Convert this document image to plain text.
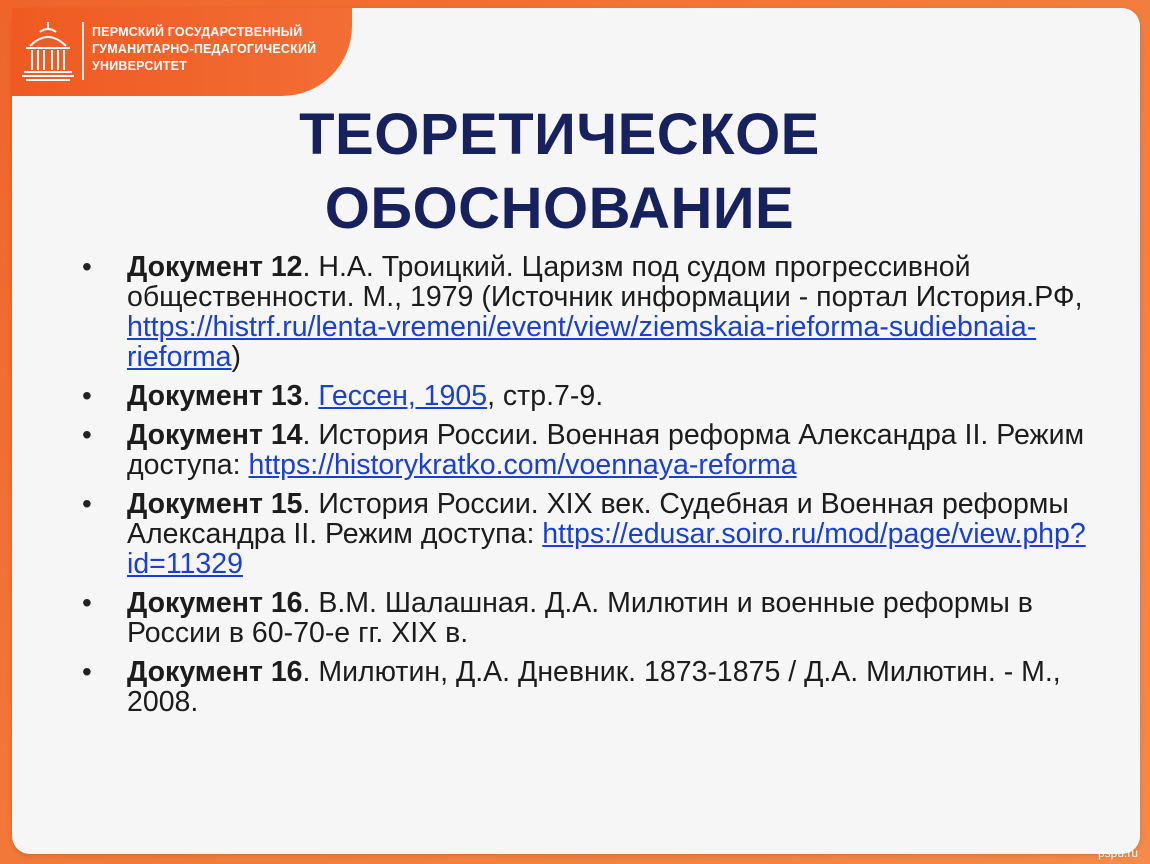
ПЕРМСКИЙ ГОСУДАРСТВЕННЫЙ
ГУМАНИТАРНО-ПЕДАГОГИЧЕСКИЙ
УНИВЕРСИТЕТ
ТЕОРЕТИЧЕСКОЕ
ОБОСНОВАНИЕ
• Документ 12. Н.А. Троицкий. Царизм под судом прогрессивной общественности. М., 1979 (Источник информации - портал История.РФ, https://histrf.ru/lenta-vremeni/event/view/ziemskaia-rieforma-sudiebnaia-rieforma)
• Документ 13. Гессен, 1905, стр.7-9.
• Документ 14. История России. Военная реформа Александра II. Режим доступа: https://historykratko.com/voennaya-reforma
• Документ 15. История России. XIX век. Судебная и Военная реформы Александра II. Режим доступа: https://edusar.soiro.ru/mod/page/view.php?id=11329
• Документ 16. В.М. Шалашная. Д.А. Милютин и военные реформы в России в 60-70-е гг. XIX в.
• Документ 16. Милютин, Д.А. Дневник. 1873-1875 / Д.А. Милютин. - М., 2008.
pspu.ru
